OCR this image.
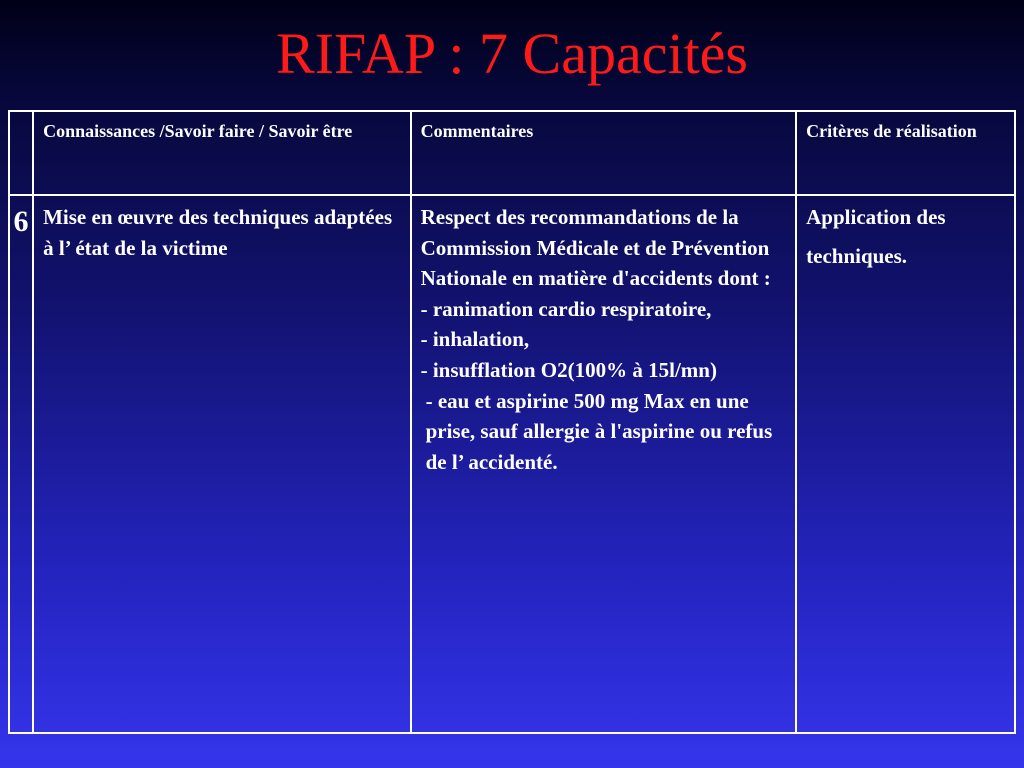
RIFAP : 7 Capacités

	Connaissances /Savoir faire / Savoir être	Commentaires	Critères de réalisation

6	Mise en œuvre des techniques adaptées à l’ état de la victime	Respect des recommandations de la Commission Médicale et de Prévention Nationale en matière d'accidents dont :
- ranimation cardio respiratoire,
- inhalation,
- insufflation O2(100% à 15l/mn)
- eau et aspirine 500 mg Max en une prise, sauf allergie à l'aspirine ou refus de l’ accidenté.	Application des techniques.
